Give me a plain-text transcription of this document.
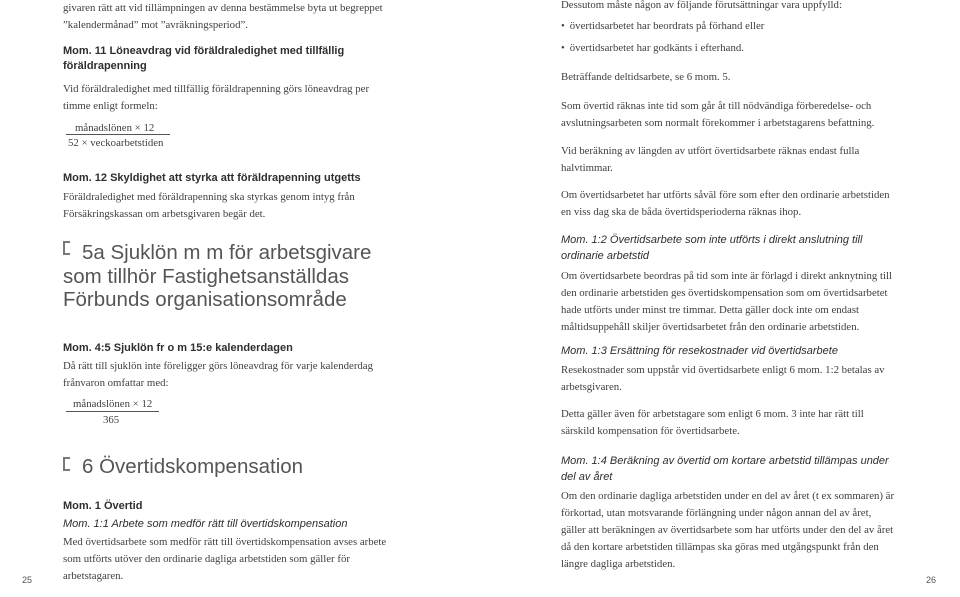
givaren rätt att vid tillämpningen av denna bestämmelse byta ut begreppet ”kalendermånad” mot ”avräkningsperiod”.
Mom. 11 Löneavdrag vid föräldraledighet med tillfällig föräldrapenning
Vid föräldraledighet med tillfällig föräldrapenning görs löneavdrag per timme enligt formeln:
månadslönen × 12
52 × veckoarbetstiden
Mom. 12 Skyldighet att styrka att föräldrapenning utgetts
Föräldraledighet med föräldrapenning ska styrkas genom intyg från Försäkringskassan om arbetsgivaren begär det.
5a Sjuklön m m för arbetsgivare som tillhör Fastighetsanställdas Förbunds organisationsområde
Mom. 4:5 Sjuklön fr o m 15:e kalenderdagen
Då rätt till sjuklön inte föreligger görs löneavdrag för varje kalenderdag frånvaron omfattar med:
månadslönen × 12
365
6 Övertidskompensation
Mom. 1 Övertid
Mom. 1:1 Arbete som medför rätt till övertidskompensation
Med övertidsarbete som medför rätt till övertidskompensation avses arbete som utförts utöver den ordinarie dagliga arbetstiden som gäller för arbetstagaren.
25
Dessutom måste någon av följande förutsättningar vara uppfylld:
• övertidsarbetet har beordrats på förhand eller
• övertidsarbetet har godkänts i efterhand.
Beträffande deltidsarbete, se 6 mom. 5.
Som övertid räknas inte tid som går åt till nödvändiga förberedelse- och avslutningsarbeten som normalt förekommer i arbetstagarens befattning.
Vid beräkning av längden av utfört övertidsarbete räknas endast fulla halvtimmar.
Om övertidsarbetet har utförts såväl före som efter den ordinarie arbetstiden en viss dag ska de båda övertidsperioderna räknas ihop.
Mom. 1:2 Övertidsarbete som inte utförts i direkt anslutning till ordinarie arbetstid
Om övertidsarbete beordras på tid som inte är förlagd i direkt anknytning till den ordinarie arbetstiden ges övertidskompensation som om övertidsarbetet hade utförts under minst tre timmar. Detta gäller dock inte om endast måltidsuppehåll skiljer övertidsarbetet från den ordinarie arbetstiden.
Mom. 1:3 Ersättning för resekostnader vid övertidsarbete
Resekostnader som uppstår vid övertidsarbete enligt 6 mom. 1:2 betalas av arbetsgivaren.
Detta gäller även för arbetstagare som enligt 6 mom. 3 inte har rätt till särskild kompensation för övertidsarbete.
Mom. 1:4 Beräkning av övertid om kortare arbetstid tillämpas under del av året
Om den ordinarie dagliga arbetstiden under en del av året (t ex sommaren) är förkortad, utan motsvarande förlängning under någon annan del av året, gäller att beräkningen av övertidsarbete som har utförts under den del av året då den kortare arbetstiden tillämpas ska göras med utgångspunkt från den längre dagliga arbetstiden.
26
